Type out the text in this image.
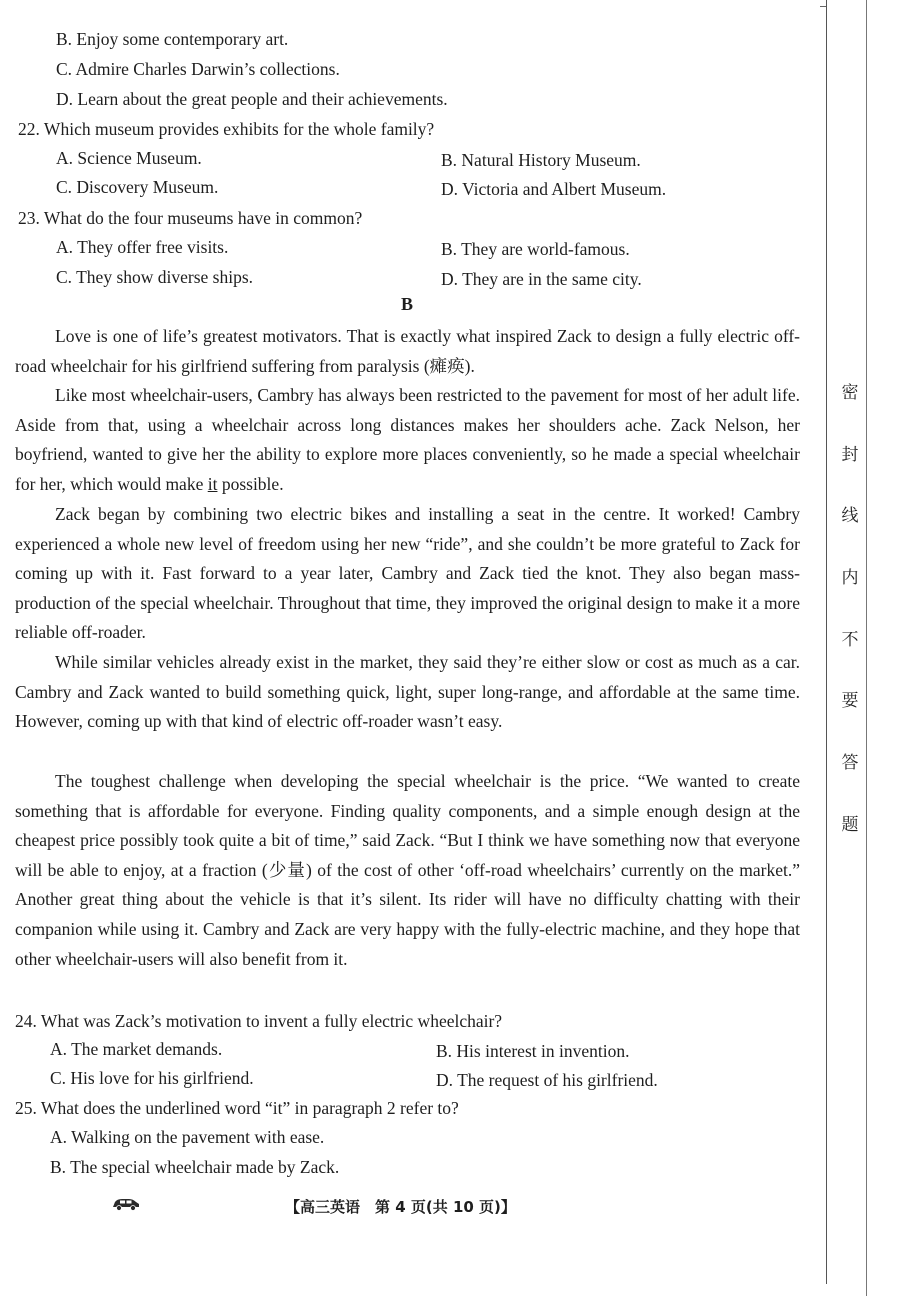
B. Enjoy some contemporary art.
C. Admire Charles Darwin’s collections.
D. Learn about the great people and their achievements.
22. Which museum provides exhibits for the whole family?
A. Science Museum.	B. Natural History Museum.
C. Discovery Museum.	D. Victoria and Albert Museum.
23. What do the four museums have in common?
A. They offer free visits.	B. They are world-famous.
C. They show diverse ships.	D. They are in the same city.
B
Love is one of life’s greatest motivators. That is exactly what inspired Zack to design a fully electric off-road wheelchair for his girlfriend suffering from paralysis (瘫痪).
Like most wheelchair-users, Cambry has always been restricted to the pavement for most of her adult life. Aside from that, using a wheelchair across long distances makes her shoulders ache. Zack Nelson, her boyfriend, wanted to give her the ability to explore more places conveniently, so he made a special wheelchair for her, which would make it possible.
Zack began by combining two electric bikes and installing a seat in the centre. It worked! Cambry experienced a whole new level of freedom using her new “ride”, and she couldn’t be more grateful to Zack for coming up with it. Fast forward to a year later, Cambry and Zack tied the knot. They also began mass-production of the special wheelchair. Throughout that time, they improved the original design to make it a more reliable off-roader.
While similar vehicles already exist in the market, they said they’re either slow or cost as much as a car. Cambry and Zack wanted to build something quick, light, super long-range, and affordable at the same time. However, coming up with that kind of electric off-roader wasn’t easy.
The toughest challenge when developing the special wheelchair is the price. “We wanted to create something that is affordable for everyone. Finding quality components, and a simple enough design at the cheapest price possibly took quite a bit of time,” said Zack. “But I think we have something now that everyone will be able to enjoy, at a fraction (少量) of the cost of other ‘off-road wheelchairs’ currently on the market.” Another great thing about the vehicle is that it’s silent. Its rider will have no difficulty chatting with their companion while using it. Cambry and Zack are very happy with the fully-electric machine, and they hope that other wheelchair-users will also benefit from it.
24. What was Zack’s motivation to invent a fully electric wheelchair?
A. The market demands.	B. His interest in invention.
C. His love for his girlfriend.	D. The request of his girlfriend.
25. What does the underlined word “it” in paragraph 2 refer to?
A. Walking on the pavement with ease.
B. The special wheelchair made by Zack.
【高三英语　第 4 页(共 10 页)】
密
封
线
内
不
要
答
题
